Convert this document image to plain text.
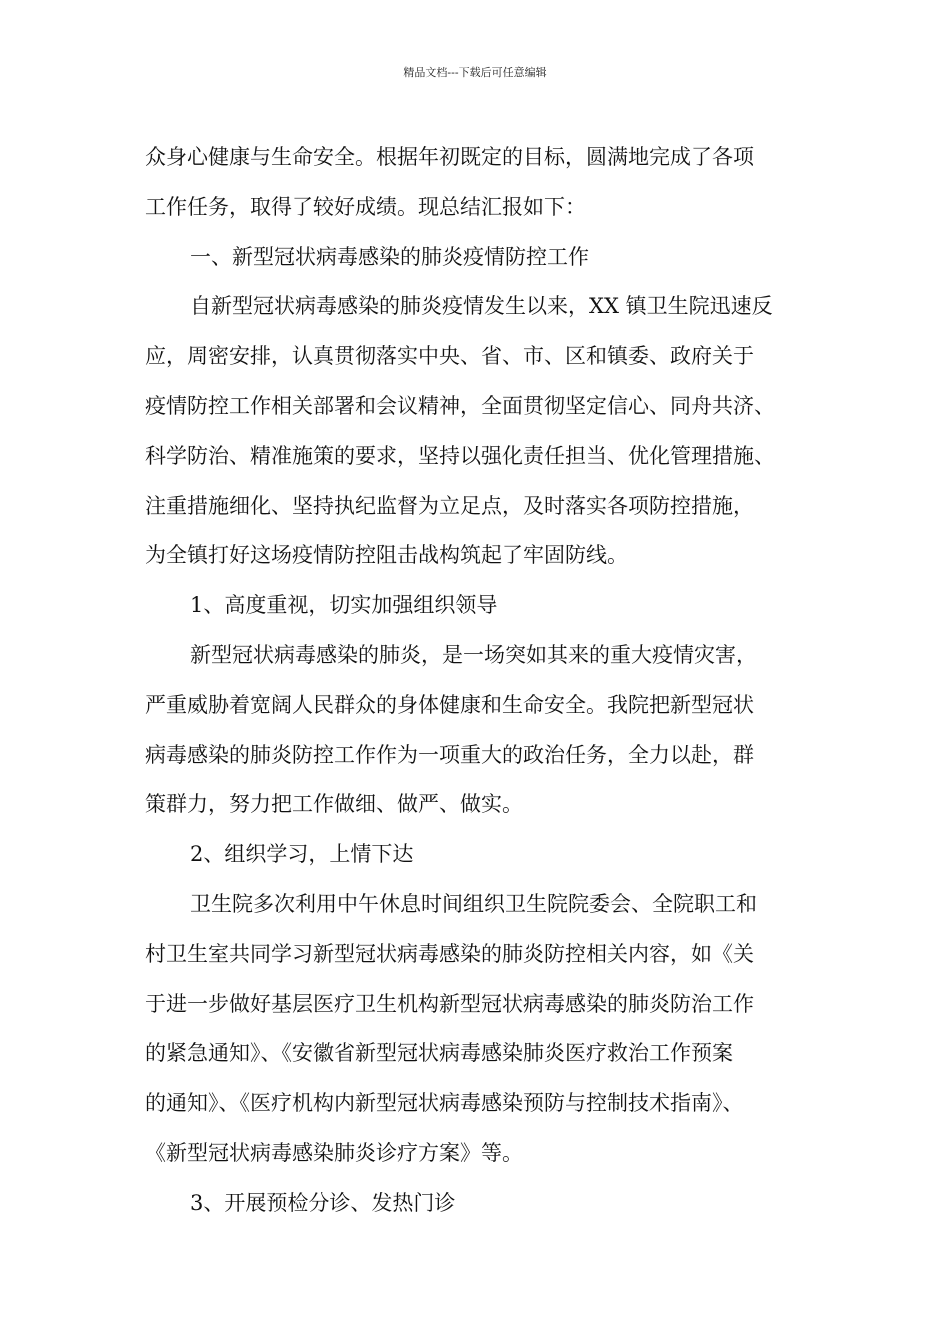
精品文档---下载后可任意编辑
众身心健康与生命安全。根据年初既定的目标，圆满地完成了各项
工作任务，取得了较好成绩。现总结汇报如下：
一、新型冠状病毒感染的肺炎疫情防控工作
自新型冠状病毒感染的肺炎疫情发生以来，XX 镇卫生院迅速反
应，周密安排，认真贯彻落实中央、省、市、区和镇委、政府关于
疫情防控工作相关部署和会议精神，全面贯彻坚定信心、同舟共济、
科学防治、精准施策的要求，坚持以强化责任担当、优化管理措施、
注重措施细化、坚持执纪监督为立足点，及时落实各项防控措施，
为全镇打好这场疫情防控阻击战构筑起了牢固防线。
1、高度重视，切实加强组织领导
新型冠状病毒感染的肺炎，是一场突如其来的重大疫情灾害，
严重威胁着宽阔人民群众的身体健康和生命安全。我院把新型冠状
病毒感染的肺炎防控工作作为一项重大的政治任务，全力以赴，群
策群力，努力把工作做细、做严、做实。
2、组织学习，上情下达
卫生院多次利用中午休息时间组织卫生院院委会、全院职工和
村卫生室共同学习新型冠状病毒感染的肺炎防控相关内容，如《关
于进一步做好基层医疗卫生机构新型冠状病毒感染的肺炎防治工作
的紧急通知》、《安徽省新型冠状病毒感染肺炎医疗救治工作预案
的通知》、《医疗机构内新型冠状病毒感染预防与控制技术指南》、
《新型冠状病毒感染肺炎诊疗方案》等。
3、开展预检分诊、发热门诊
